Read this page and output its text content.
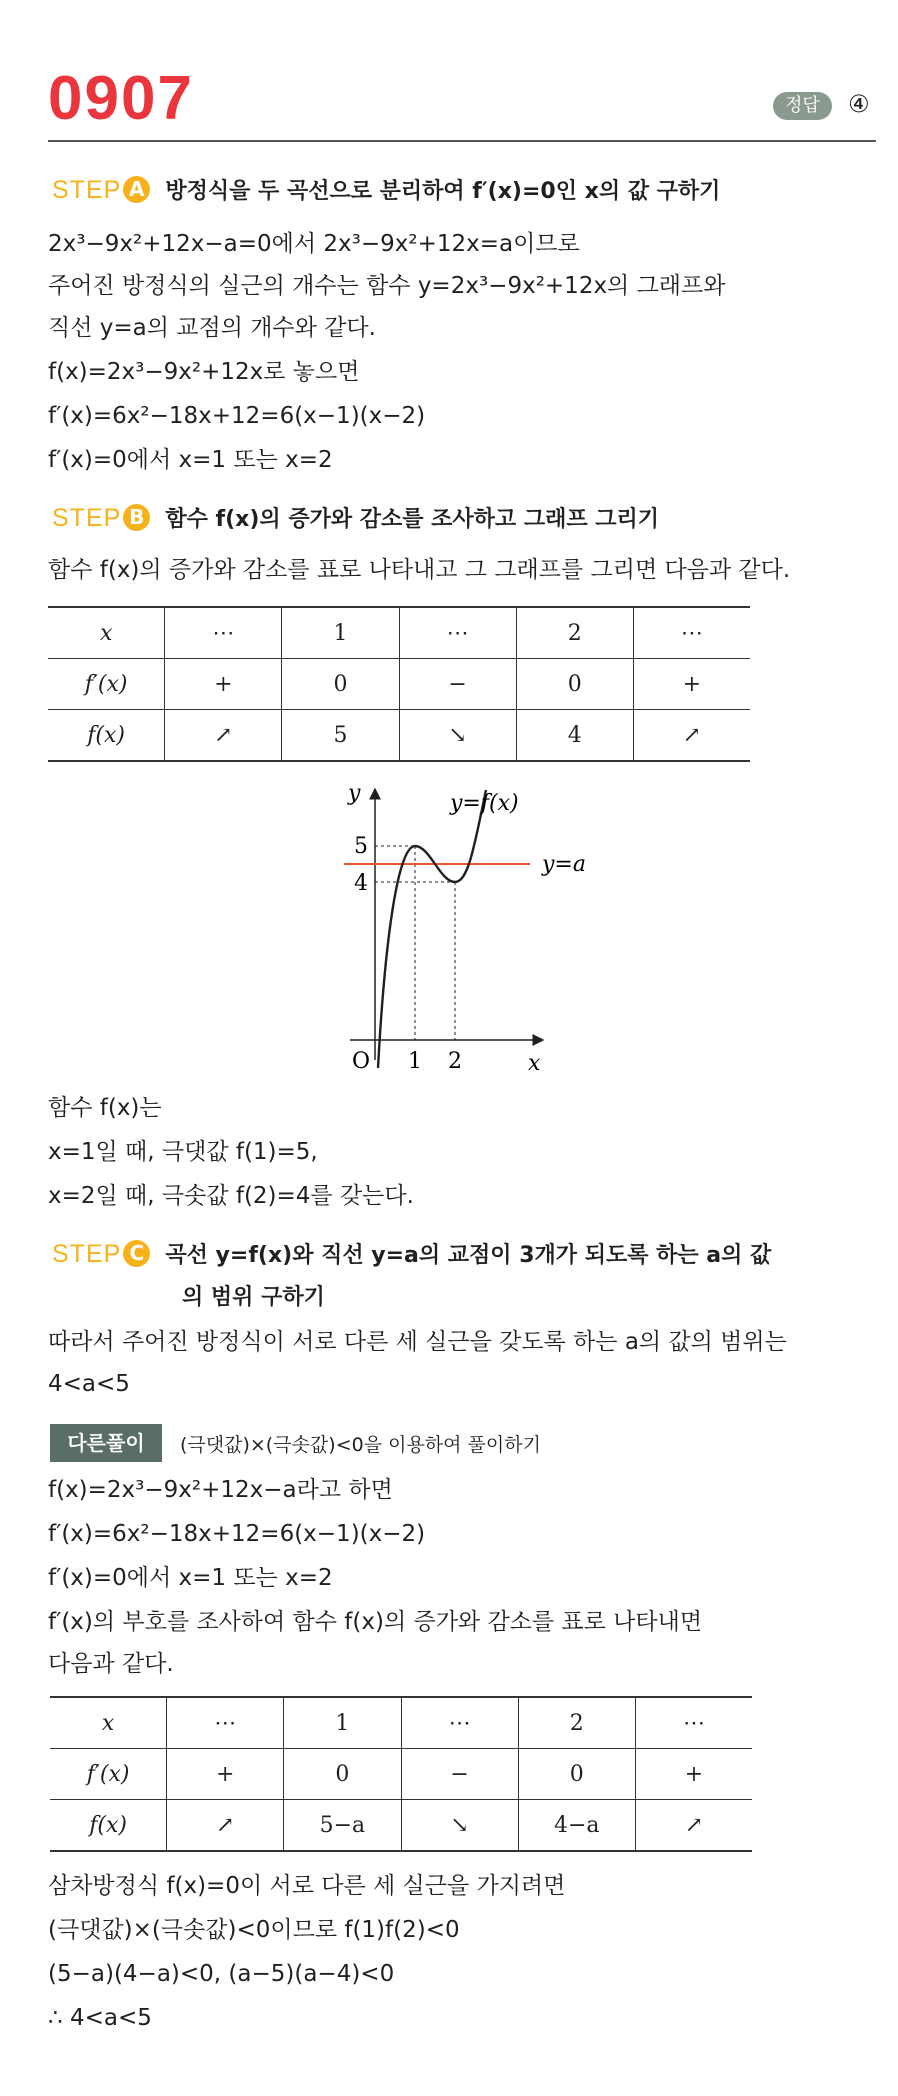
0907	정답	④
STEP A 방정식을 두 곡선으로 분리하여 f′(x)=0인 x의 값 구하기
2x³−9x²+12x−a=0에서 2x³−9x²+12x=a이므로
주어진 방정식의 실근의 개수는 함수 y=2x³−9x²+12x의 그래프와
직선 y=a의 교점의 개수와 같다.
f(x)=2x³−9x²+12x로 놓으면
f′(x)=6x²−18x+12=6(x−1)(x−2)
f′(x)=0에서 x=1 또는 x=2
STEP B 함수 f(x)의 증가와 감소를 조사하고 그래프 그리기
함수 f(x)의 증가와 감소를 표로 나타내고 그 그래프를 그리면 다음과 같다.
x	⋯	1	⋯	2	⋯
f′(x)	+	0	−	0	+
f(x)	↗	5	↘	4	↗
y
x
O 1 2
5
4
y=f(x)
y=a
함수 f(x)는
x=1일 때, 극댓값 f(1)=5,
x=2일 때, 극솟값 f(2)=4를 갖는다.
STEP C 곡선 y=f(x)와 직선 y=a의 교점이 3개가 되도록 하는 a의 값
의 범위 구하기
따라서 주어진 방정식이 서로 다른 세 실근을 갖도록 하는 a의 값의 범위는
4<a<5
다른풀이	(극댓값)×(극솟값)<0을 이용하여 풀이하기
f(x)=2x³−9x²+12x−a라고 하면
f′(x)=6x²−18x+12=6(x−1)(x−2)
f′(x)=0에서 x=1 또는 x=2
f′(x)의 부호를 조사하여 함수 f(x)의 증가와 감소를 표로 나타내면
다음과 같다.
x	⋯	1	⋯	2	⋯
f′(x)	+	0	−	0	+
f(x)	↗	5−a	↘	4−a	↗
삼차방정식 f(x)=0이 서로 다른 세 실근을 가지려면
(극댓값)×(극솟값)<0이므로 f(1)f(2)<0
(5−a)(4−a)<0, (a−5)(a−4)<0
∴ 4<a<5
